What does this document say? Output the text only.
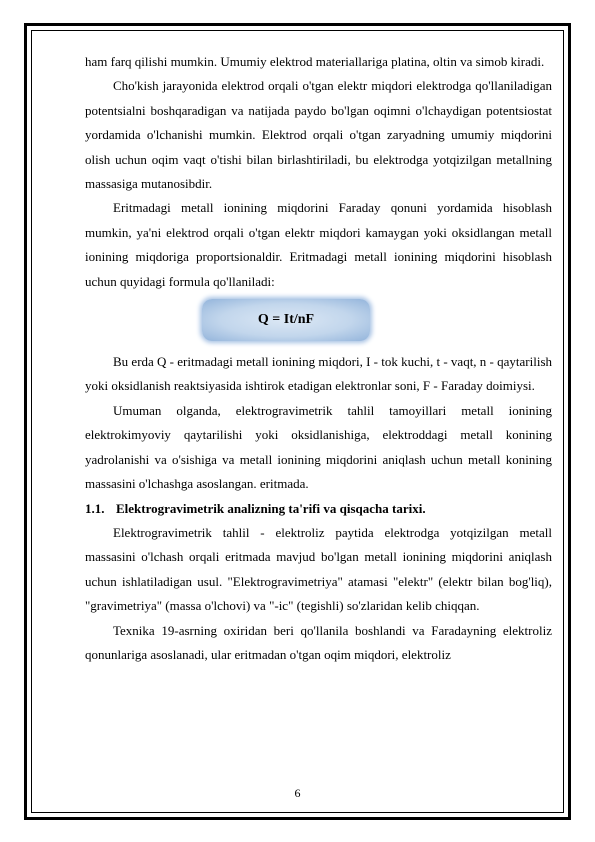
ham farq qilishi mumkin. Umumiy elektrod materiallariga platina, oltin va simob kiradi.

Cho'kish jarayonida elektrod orqali o'tgan elektr miqdori elektrodga qo'llaniladigan potentsialni boshqaradigan va natijada paydo bo'lgan oqimni o'lchaydigan potentsiostat yordamida o'lchanishi mumkin. Elektrod orqali o'tgan zaryadning umumiy miqdorini olish uchun oqim vaqt o'tishi bilan birlashtiriladi, bu elektrodga yotqizilgan metallning massasiga mutanosibdir.

Eritmadagi metall ionining miqdorini Faraday qonuni yordamida hisoblash mumkin, ya'ni elektrod orqali o'tgan elektr miqdori kamaygan yoki oksidlangan metall ionining miqdoriga proportsionaldir. Eritmadagi metall ionining miqdorini hisoblash uchun quyidagi formula qo'llaniladi:

Q = It/nF

Bu erda Q - eritmadagi metall ionining miqdori, I - tok kuchi, t - vaqt, n - qaytarilish yoki oksidlanish reaktsiyasida ishtirok etadigan elektronlar soni, F - Faraday doimiysi.

Umuman olganda, elektrogravimetrik tahlil tamoyillari metall ionining elektrokimyoviy qaytarilishi yoki oksidlanishiga, elektroddagi metall konining yadrolanishi va o'sishiga va metall ionining miqdorini aniqlash uchun metall konining massasini o'lchashga asoslangan. eritmada.

1.1. Elektrogravimetrik analizning ta'rifi va qisqacha tarixi.

Elektrogravimetrik tahlil - elektroliz paytida elektrodga yotqizilgan metall massasini o'lchash orqali eritmada mavjud bo'lgan metall ionining miqdorini aniqlash uchun ishlatiladigan usul. "Elektrogravimetriya" atamasi "elektr" (elektr bilan bog'liq), "gravimetriya" (massa o'lchovi) va "-ic" (tegishli) so'zlaridan kelib chiqqan.

Texnika 19-asrning oxiridan beri qo'llanila boshlandi va Faradayning elektroliz qonunlariga asoslanadi, ular eritmadan o'tgan oqim miqdori, elektroliz

6
